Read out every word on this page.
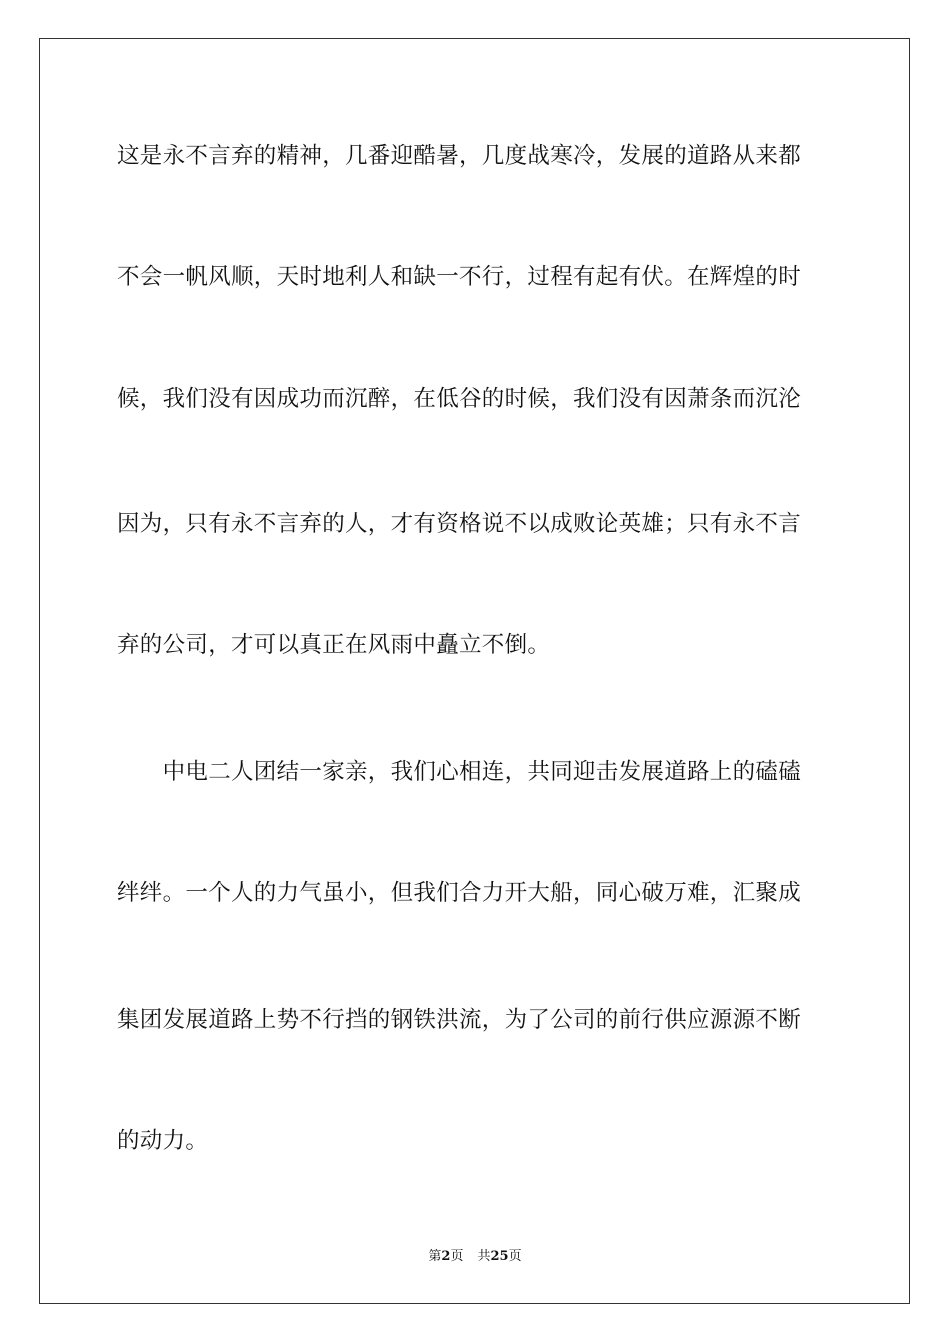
这是永不言弃的精神，几番迎酷暑，几度战寒冷，发展的道路从来都
不会一帆风顺，天时地利人和缺一不行，过程有起有伏。在辉煌的时
候，我们没有因成功而沉醉，在低谷的时候，我们没有因萧条而沉沦
因为，只有永不言弃的人，才有资格说不以成败论英雄；只有永不言
弃的公司，才可以真正在风雨中矗立不倒。
　　中电二人团结一家亲，我们心相连，共同迎击发展道路上的磕磕
绊绊。一个人的力气虽小，但我们合力开大船，同心破万难，汇聚成
集团发展道路上势不行挡的钢铁洪流，为了公司的前行供应源源不断
的动力。
第2页 共25页
